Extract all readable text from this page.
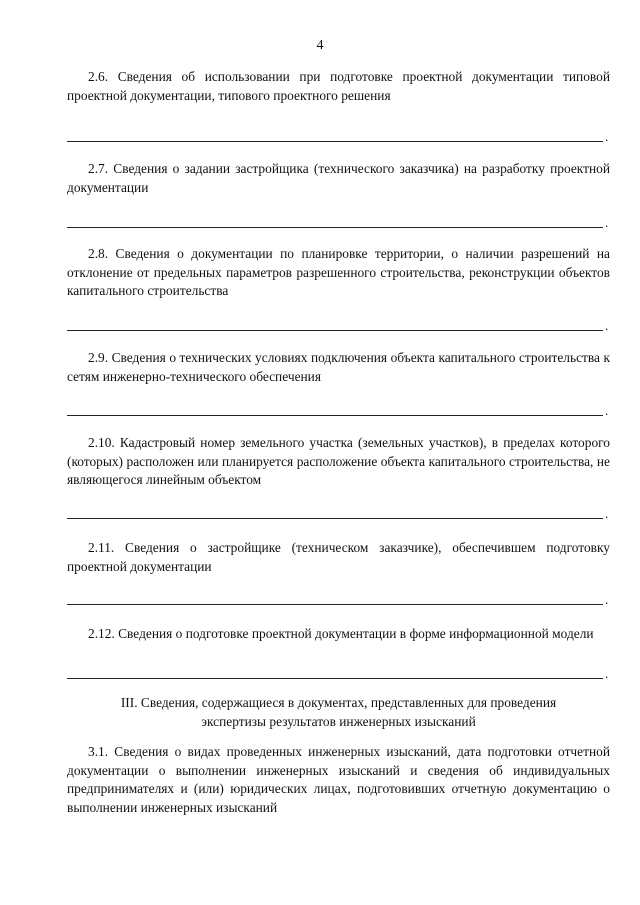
4
2.6. Сведения об использовании при подготовке проектной документации типовой проектной документации, типового проектного решения
.
2.7. Сведения о задании застройщика (технического заказчика) на разработку проектной документации
.
2.8. Сведения о документации по планировке территории, о наличии разрешений на отклонение от предельных параметров разрешенного строительства, реконструкции объектов капитального строительства
.
2.9. Сведения о технических условиях подключения объекта капитального строительства к сетям инженерно-технического обеспечения
.
2.10. Кадастровый номер земельного участка (земельных участков), в пределах которого (которых) расположен или планируется расположение объекта капитального строительства, не являющегося линейным объектом
.
2.11. Сведения о застройщике (техническом заказчике), обеспечившем подготовку проектной документации
.
2.12. Сведения о подготовке проектной документации в форме информационной модели
.
III. Сведения, содержащиеся в документах, представленных для проведения
экспертизы результатов инженерных изысканий
3.1. Сведения о видах проведенных инженерных изысканий, дата подготовки отчетной документации о выполнении инженерных изысканий и сведения об индивидуальных предпринимателях и (или) юридических лицах, подготовивших отчетную документацию о выполнении инженерных изысканий
